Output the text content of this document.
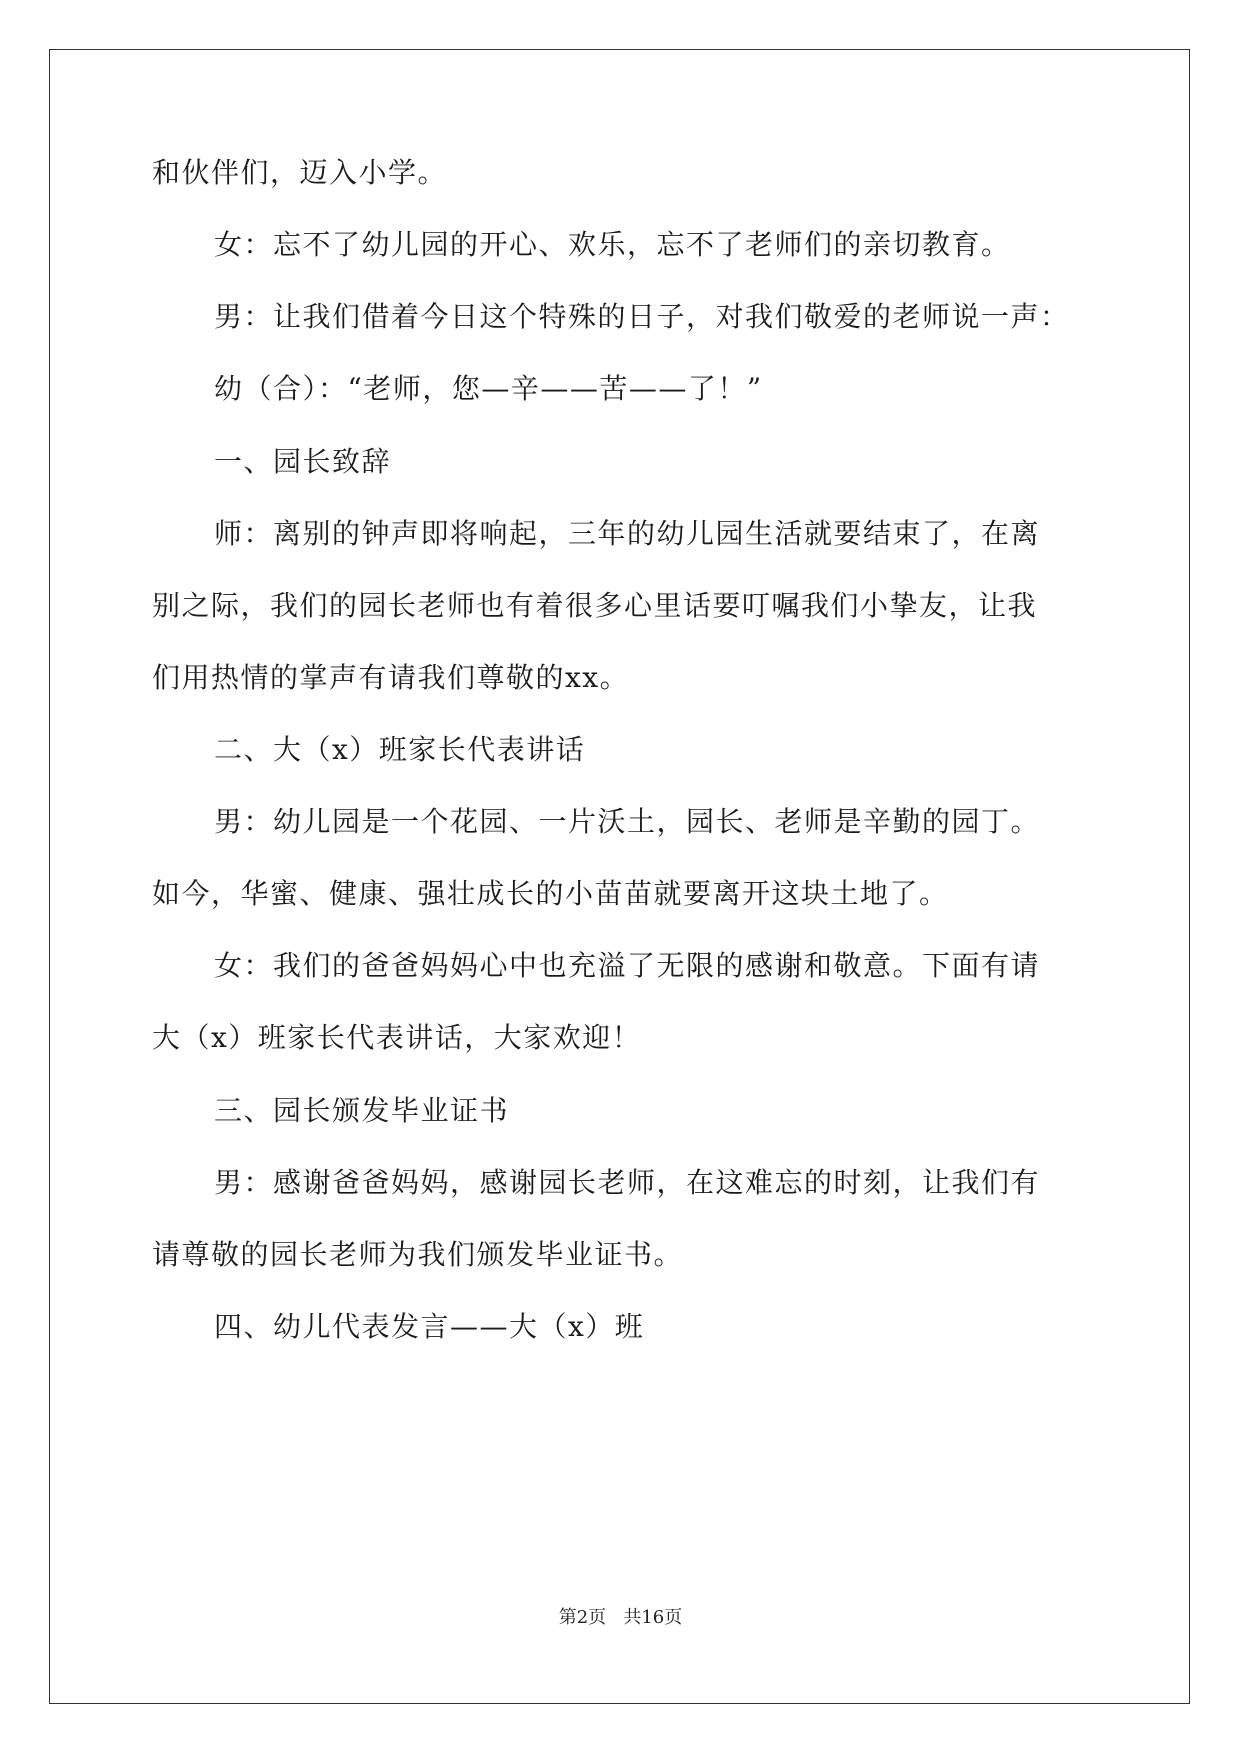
和伙伴们，迈入小学。
女：忘不了幼儿园的开心、欢乐，忘不了老师们的亲切教育。
男：让我们借着今日这个特殊的日子，对我们敬爱的老师说一声：
幼（合）：“老师，您—辛——苦——了！”
一、园长致辞
师：离别的钟声即将响起，三年的幼儿园生活就要结束了，在离
别之际，我们的园长老师也有着很多心里话要叮嘱我们小挚友，让我
们用热情的掌声有请我们尊敬的xx。
二、大（x）班家长代表讲话
男：幼儿园是一个花园、一片沃土，园长、老师是辛勤的园丁。
如今，华蜜、健康、强壮成长的小苗苗就要离开这块土地了。
女：我们的爸爸妈妈心中也充溢了无限的感谢和敬意。下面有请
大（x）班家长代表讲话，大家欢迎！
三、园长颁发毕业证书
男：感谢爸爸妈妈，感谢园长老师，在这难忘的时刻，让我们有
请尊敬的园长老师为我们颁发毕业证书。
四、幼儿代表发言——大（x）班
第2页   共16页
